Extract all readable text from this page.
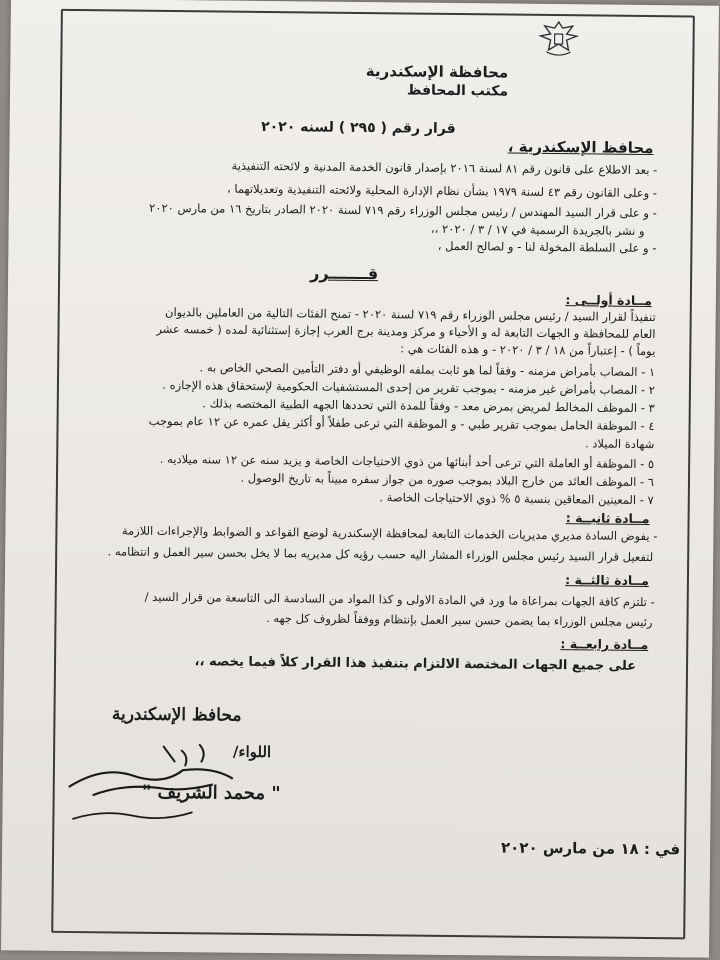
محافظة الإسكندرية
مكتب المحافظ
قرار رقم ( ٢٩٥ ) لسنه ٢٠٢٠
محافظ الإسكندرية ،
- بعد الاطلاع على قانون رقم ٨١ لسنة ٢٠١٦ بإصدار قانون الخدمة المدنية و لائحته التنفيذية
- وعلى القانون رقم ٤٣ لسنة ١٩٧٩ بشأن نظام الإدارة المحلية ولائحته التنفيذية وتعديلاتهما ،
- و على قرار السيد المهندس / رئيس مجلس الوزراء رقم ٧١٩ لسنة ٢٠٢٠ الصادر بتاريخ ١٦ من مارس ٢٠٢٠
و نشر بالجريدة الرسمية في ١٧ / ٣ / ٢٠٢٠ ،،
- و على السلطة المخولة لنا - و لصالح العمل ،
قـــــــرر
مــادة أولــى :
تنفيذاً لقرار السيد / رئيس مجلس الوزراء رقم ٧١٩ لسنة ٢٠٢٠ - تمنح الفئات التالية من العاملين بالديوان
العام للمحافظة و الجهات التابعة له و الأحياء و مركز ومدينة برج العرب إجازة إستثنائية لمده ( خمسه عشر
يوماً ) - إعتباراً من ١٨ / ٣ / ٢٠٢٠ - و هذه الفئات هي :
١ - المصاب بأمراض مزمنه - وفقاً لما هو ثابت بملفه الوظيفي أو دفتر التأمين الصحي الخاص به .
٢ - المصاب بأمراض غير مزمنه - بموجب تقرير من إحدى المستشفيات الحكومية لإستحقاق هذه الإجازه .
٣ - الموظف المخالط لمريض بمرض معد - وفقاً للمدة التي تحددها الجهه الطبية المختصه بذلك .
٤ - الموظفة الحامل بموجب تقرير طبي - و الموظفة التي ترعى طفلاً أو أكثر يقل عمره عن ١٢ عام بموجب
شهادة الميلاد .
٥ - الموظفة أو العاملة التي ترعى أحد أبنائها من ذوي الاحتياجات الخاصة و يزيد سنه عن ١٢ سنه ميلاديه .
٦ - الموظف العائد من خارج البلاد بموجب صوره من جواز سفره مبيناً به تاريخ الوصول .
٧ - المعينين المعاقين بنسبة ٥ % ذوي الاحتياجات الخاصة .
مــادة ثانيــة :
- يفوض السادة مديري مديريات الخدمات التابعة لمحافظة الإسكندرية لوضع القواعد و الضوابط والإجراءات اللازمة
لتفعيل قرار السيد رئيس مجلس الوزراء المشار اليه حسب رؤيه كل مديريه بما لا يخل بحسن سير العمل و انتظامه .
مــادة ثالثــة :
- تلتزم كافة الجهات بمراعاة ما ورد في المادة الاولى و كذا المواد من السادسة الى التاسعة من قرار السيد /
رئيس مجلس الوزراء بما يضمن حسن سير العمل بإنتظام ووفقاً لظروف كل جهه .
مــادة رابعــة :
على جميع الجهات المختصة الالتزام بتنفيذ هذا القرار كلاً فيما يخصه ،،
محافظ الإسكندرية
اللواء/
" محمد الشريف "
في : ١٨ من مارس ٢٠٢٠
